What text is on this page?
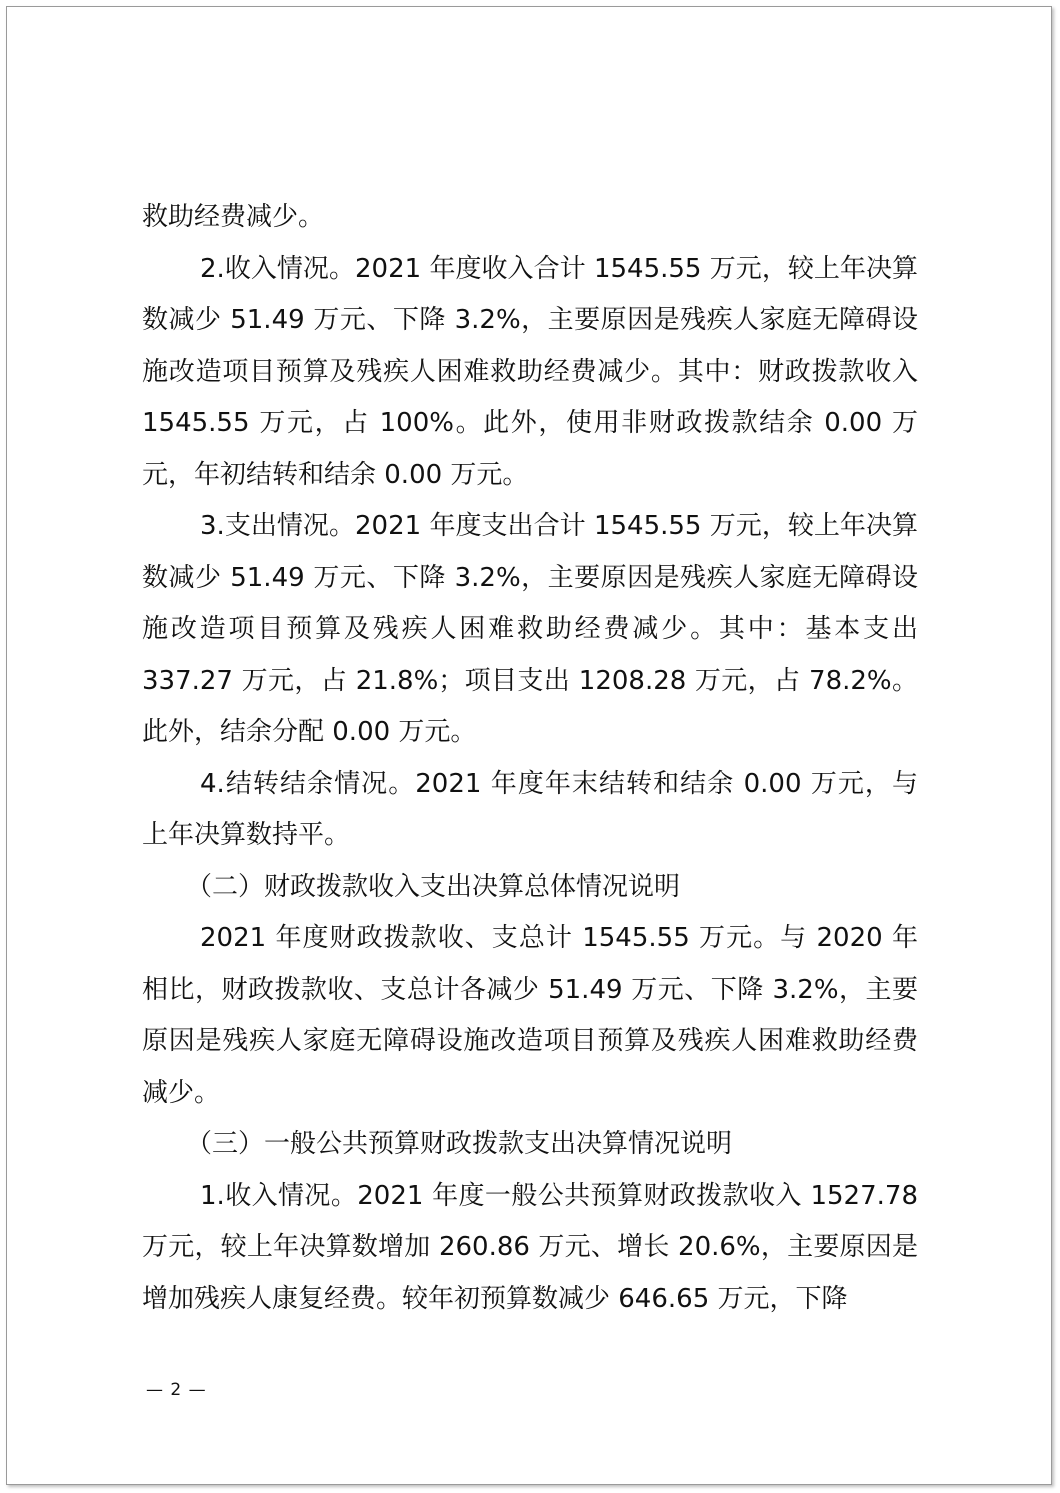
救助经费减少。

2.收入情况。2021 年度收入合计 1545.55 万元，较上年决算数减少 51.49 万元、下降 3.2%，主要原因是残疾人家庭无障碍设施改造项目预算及残疾人困难救助经费减少。其中：财政拨款收入 1545.55 万元，占 100%。此外，使用非财政拨款结余 0.00 万元，年初结转和结余 0.00 万元。

3.支出情况。2021 年度支出合计 1545.55 万元，较上年决算数减少 51.49 万元、下降 3.2%，主要原因是残疾人家庭无障碍设施改造项目预算及残疾人困难救助经费减少。其中：基本支出 337.27 万元，占 21.8%；项目支出 1208.28 万元，占 78.2%。此外，结余分配 0.00 万元。

4.结转结余情况。2021 年度年末结转和结余 0.00 万元，与上年决算数持平。

（二）财政拨款收入支出决算总体情况说明

2021 年度财政拨款收、支总计 1545.55 万元。与 2020 年相比，财政拨款收、支总计各减少 51.49 万元、下降 3.2%，主要原因是残疾人家庭无障碍设施改造项目预算及残疾人困难救助经费减少。

（三）一般公共预算财政拨款支出决算情况说明

1.收入情况。2021 年度一般公共预算财政拨款收入 1527.78 万元，较上年决算数增加 260.86 万元、增长 20.6%，主要原因是增加残疾人康复经费。较年初预算数减少 646.65 万元，下降

— 2 —
